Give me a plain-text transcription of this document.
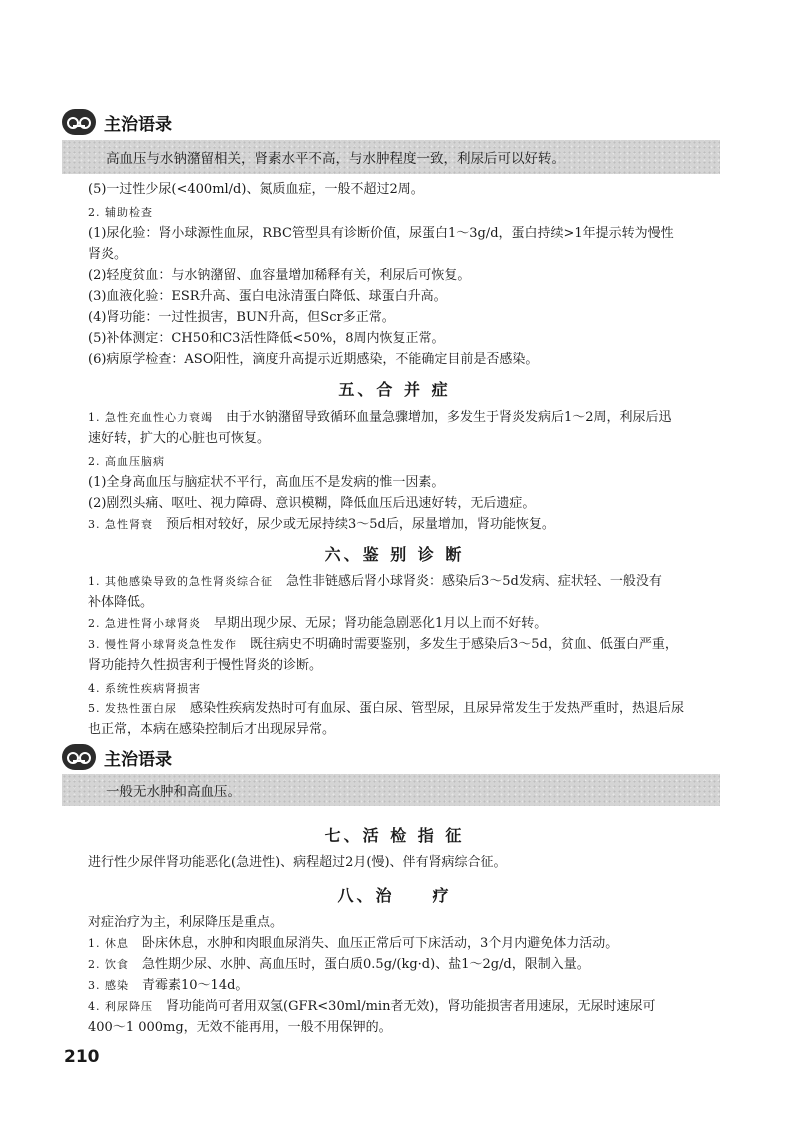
主治语录
高血压与水钠潴留相关，肾素水平不高，与水肿程度一致，利尿后可以好转。
(5)一过性少尿(<400ml/d)、氮质血症，一般不超过2周。
2. 辅助检查
(1)尿化验：肾小球源性血尿，RBC管型具有诊断价值，尿蛋白1～3g/d，蛋白持续>1年提示转为慢性
肾炎。
(2)轻度贫血：与水钠潴留、血容量增加稀释有关，利尿后可恢复。
(3)血液化验：ESR升高、蛋白电泳清蛋白降低、球蛋白升高。
(4)肾功能：一过性损害，BUN升高，但Scr多正常。
(5)补体测定：CH50和C3活性降低<50%，8周内恢复正常。
(6)病原学检查：ASO阳性，滴度升高提示近期感染，不能确定目前是否感染。
五、合 并 症
1. 急性充血性心力衰竭　 由于水钠潴留导致循环血量急骤增加，多发生于肾炎发病后1～2周，利尿后迅
速好转，扩大的心脏也可恢复。
2. 高血压脑病
(1)全身高血压与脑症状不平行，高血压不是发病的惟一因素。
(2)剧烈头痛、呕吐、视力障碍、意识模糊，降低血压后迅速好转，无后遗症。
3. 急性肾衰　 预后相对较好，尿少或无尿持续3～5d后，尿量增加，肾功能恢复。
六、鉴 别 诊 断
1. 其他感染导致的急性肾炎综合征　 急性非链感后肾小球肾炎：感染后3～5d发病、症状轻、一般没有
补体降低。
2. 急进性肾小球肾炎　 早期出现少尿、无尿；肾功能急剧恶化1月以上而不好转。
3. 慢性肾小球肾炎急性发作　 既往病史不明确时需要鉴别，多发生于感染后3～5d，贫血、低蛋白严重，
肾功能持久性损害利于慢性肾炎的诊断。
4. 系统性疾病肾损害
5. 发热性蛋白尿　 感染性疾病发热时可有血尿、蛋白尿、管型尿，且尿异常发生于发热严重时，热退后尿
也正常，本病在感染控制后才出现尿异常。
主治语录
一般无水肿和高血压。
七、活 检 指 征
进行性少尿伴肾功能恶化(急进性)、病程超过2月(慢)、伴有肾病综合征。
八、治　　疗
对症治疗为主，利尿降压是重点。
1. 休息　 卧床休息，水肿和肉眼血尿消失、血压正常后可下床活动，3个月内避免体力活动。
2. 饮食　 急性期少尿、水肿、高血压时，蛋白质0.5g/(kg·d)、盐1～2g/d，限制入量。
3. 感染　 青霉素10～14d。
4. 利尿降压　 肾功能尚可者用双氢(GFR<30ml/min者无效)，肾功能损害者用速尿，无尿时速尿可
400～1 000mg，无效不能再用，一般不用保钾的。
210
